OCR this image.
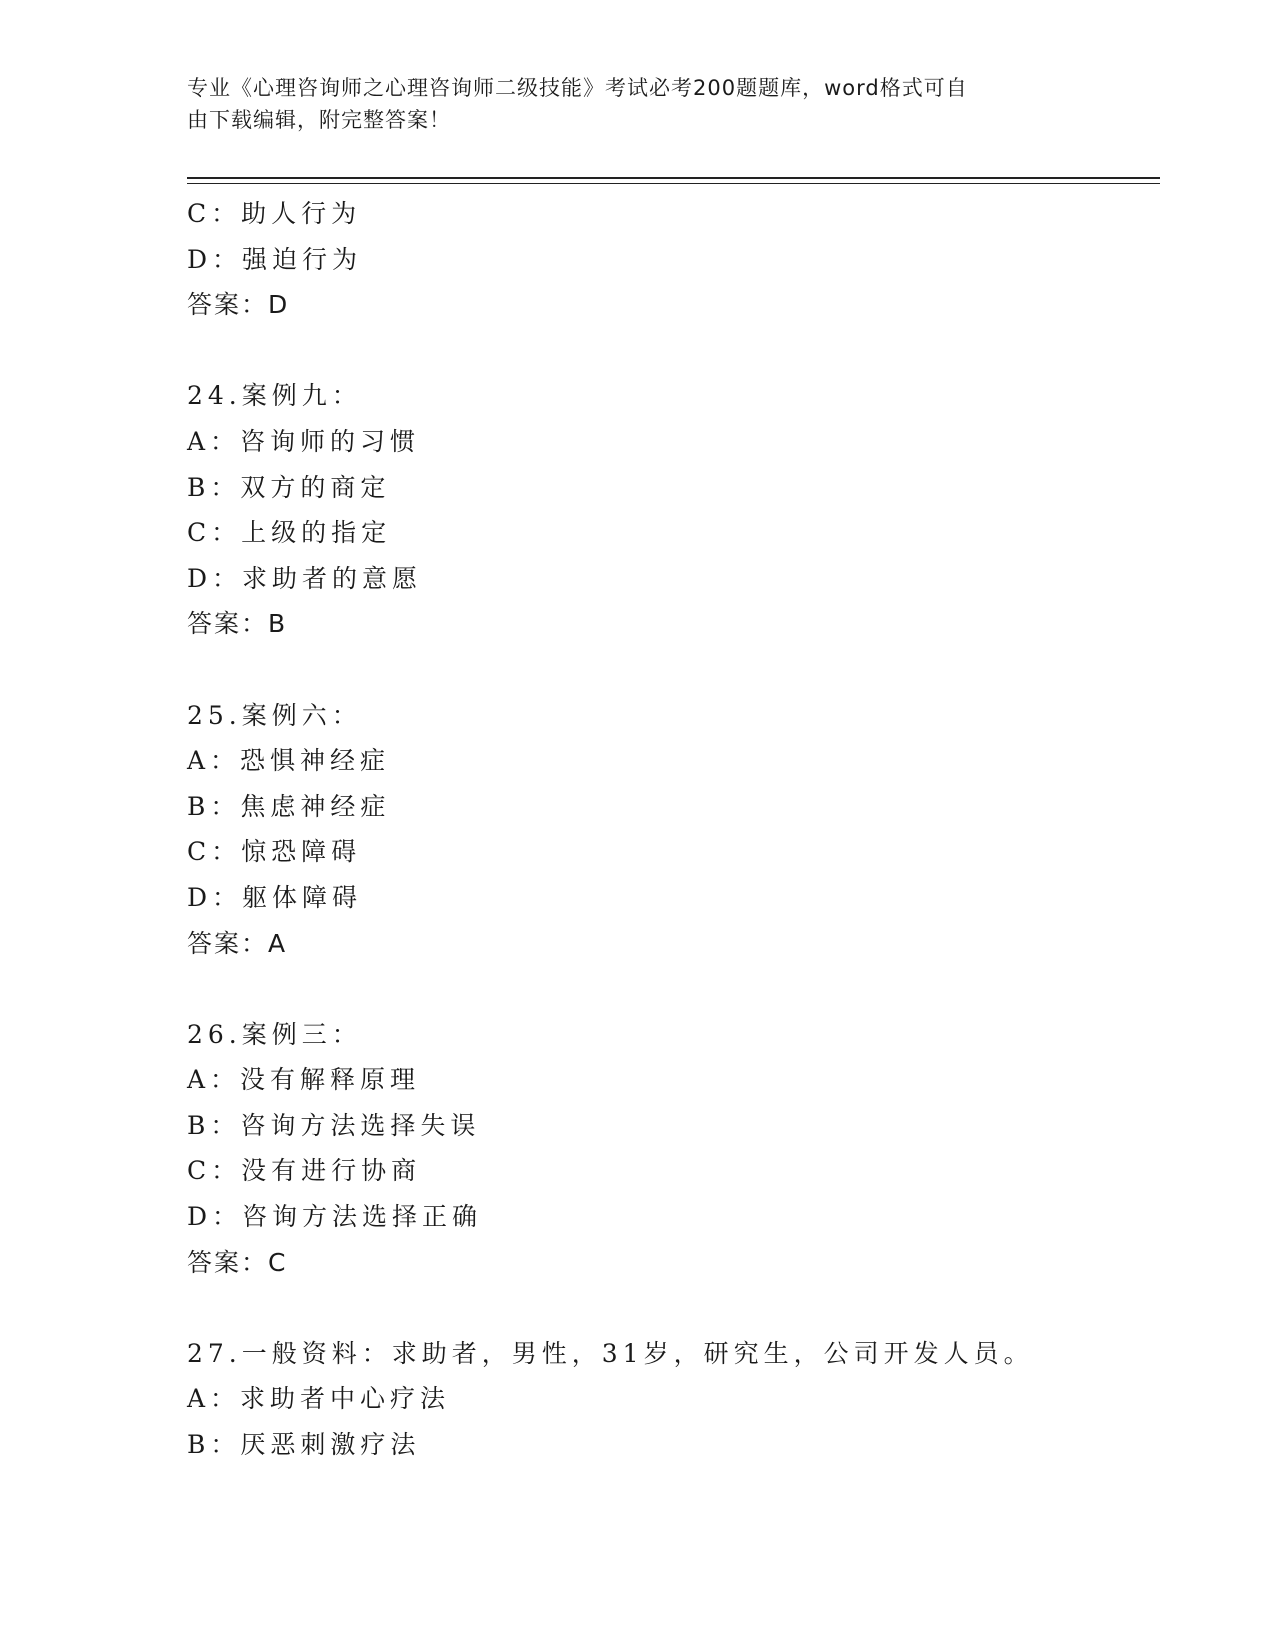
专业《心理咨询师之心理咨询师二级技能》考试必考200题题库，word格式可自
由下载编辑，附完整答案！
C：助人行为
D：强迫行为
答案：D
24.案例九：
A：咨询师的习惯
B：双方的商定
C：上级的指定
D：求助者的意愿
答案：B
25.案例六：
A：恐惧神经症
B：焦虑神经症
C：惊恐障碍
D：躯体障碍
答案：A
26.案例三：
A：没有解释原理
B：咨询方法选择失误
C：没有进行协商
D：咨询方法选择正确
答案：C
27.一般资料：求助者，男性，31岁，研究生，公司开发人员。
A：求助者中心疗法
B：厌恶刺激疗法
